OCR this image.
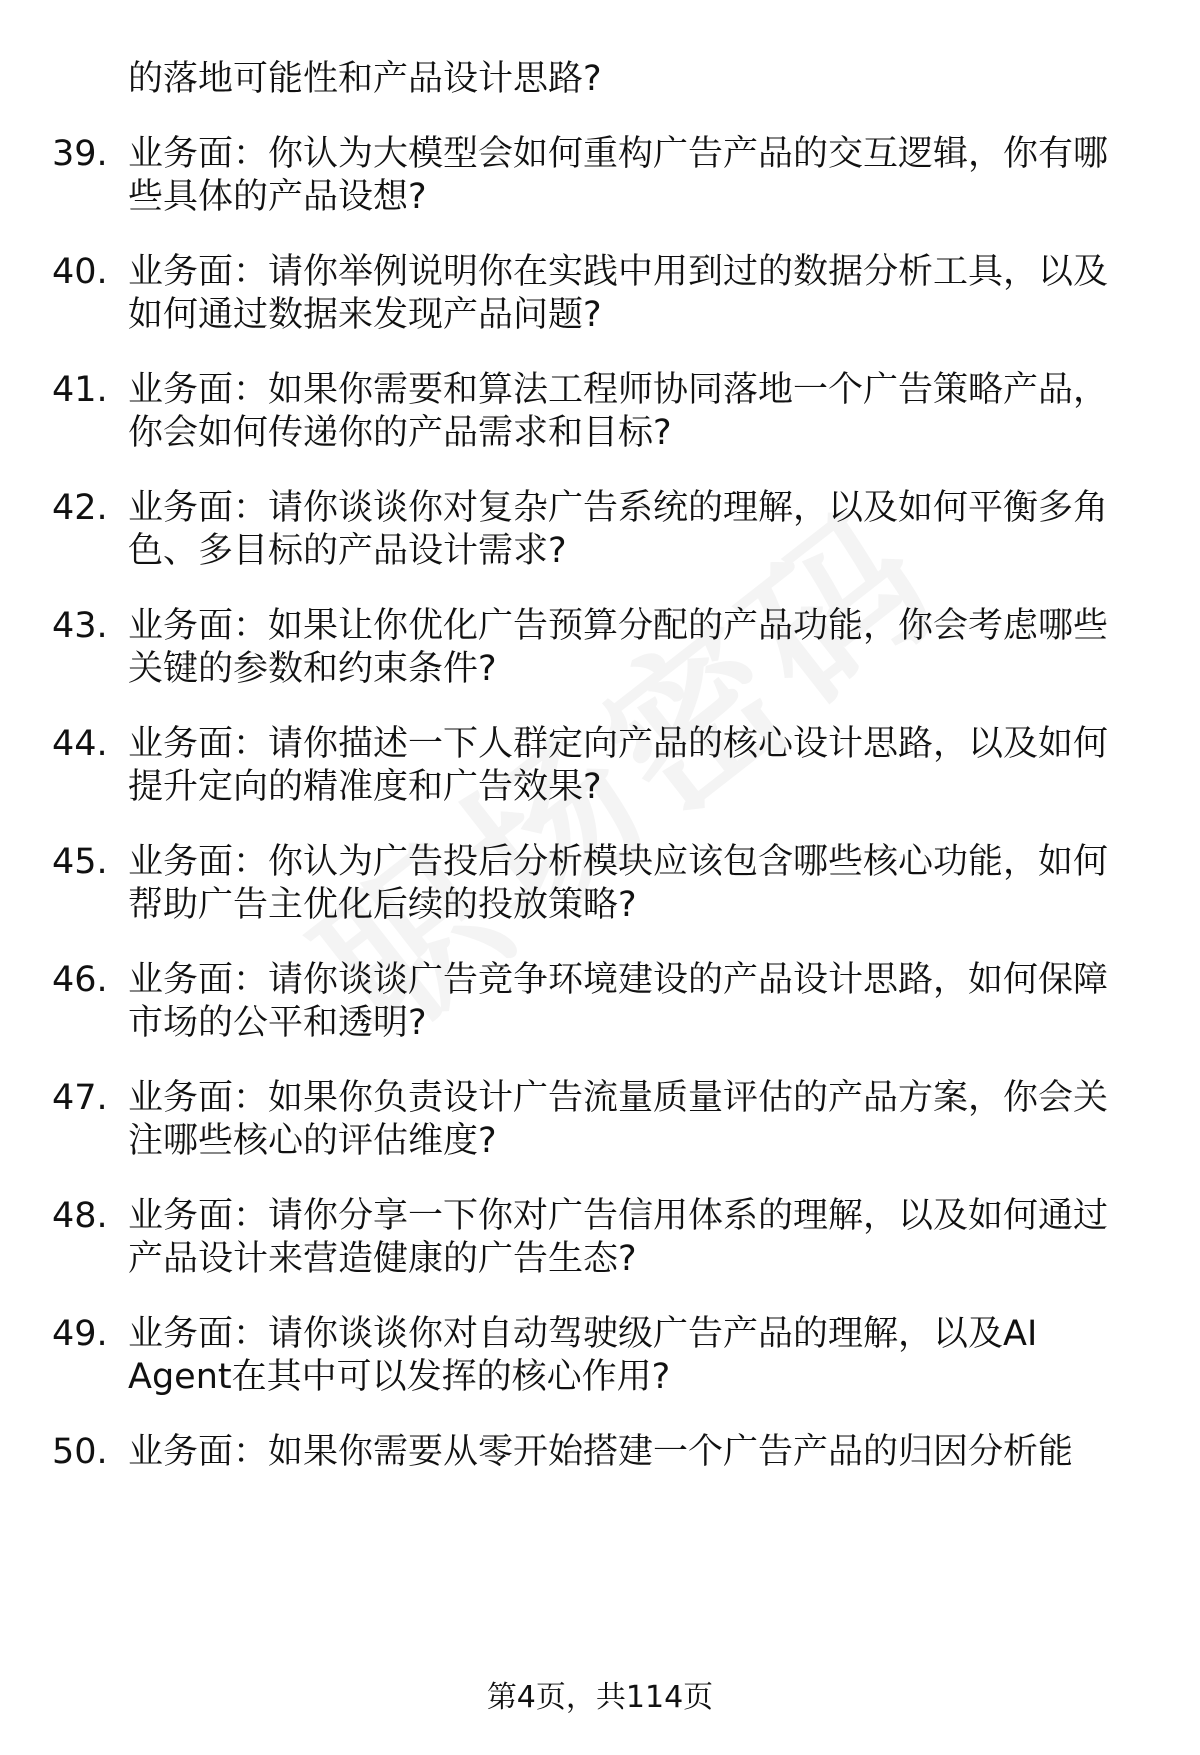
的落地可能性和产品设计思路?
39. 业务面：你认为大模型会如何重构广告产品的交互逻辑，你有哪
些具体的产品设想?
40. 业务面：请你举例说明你在实践中用到过的数据分析工具，以及
如何通过数据来发现产品问题?
41. 业务面：如果你需要和算法工程师协同落地一个广告策略产品，
你会如何传递你的产品需求和目标?
42. 业务面：请你谈谈你对复杂广告系统的理解，以及如何平衡多角
色、多目标的产品设计需求?
43. 业务面：如果让你优化广告预算分配的产品功能，你会考虑哪些
关键的参数和约束条件?
44. 业务面：请你描述一下人群定向产品的核心设计思路，以及如何
提升定向的精准度和广告效果?
45. 业务面：你认为广告投后分析模块应该包含哪些核心功能，如何
帮助广告主优化后续的投放策略?
46. 业务面：请你谈谈广告竞争环境建设的产品设计思路，如何保障
市场的公平和透明?
47. 业务面：如果你负责设计广告流量质量评估的产品方案，你会关
注哪些核心的评估维度?
48. 业务面：请你分享一下你对广告信用体系的理解，以及如何通过
产品设计来营造健康的广告生态?
49. 业务面：请你谈谈你对自动驾驶级广告产品的理解，以及AI
Agent在其中可以发挥的核心作用?
50. 业务面：如果你需要从零开始搭建一个广告产品的归因分析能
第4页，共114页
